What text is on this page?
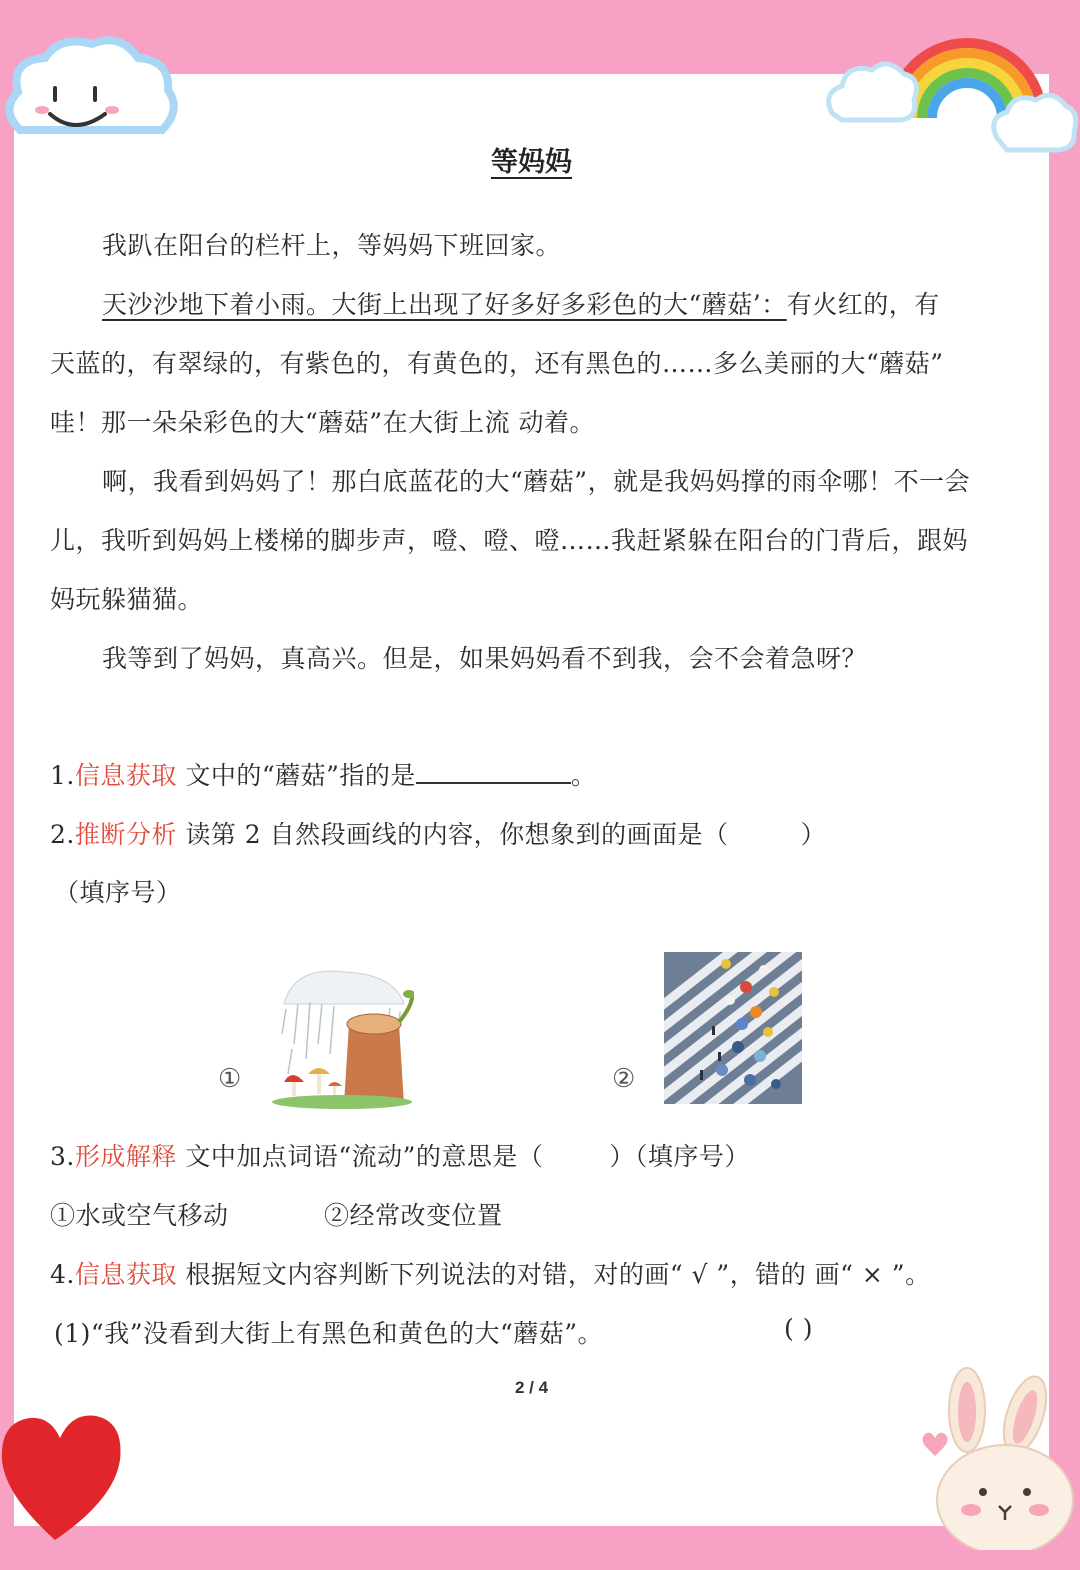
等妈妈
我趴在阳台的栏杆上，等妈妈下班回家。
天沙沙地下着小雨。大街上出现了好多好多彩色的大“蘑菇’：有火红的，有
天蓝的，有翠绿的，有紫色的，有黄色的，还有黑色的……多么美丽的大“蘑菇”
哇！那一朵朵彩色的大“蘑菇”在大街上流 动着。
啊，我看到妈妈了！那白底蓝花的大“蘑菇”，就是我妈妈撑的雨伞哪！不一会
儿，我听到妈妈上楼梯的脚步声，噔、噔、噔……我赶紧躲在阳台的门背后，跟妈
妈玩躲猫猫。
我等到了妈妈，真高兴。但是，如果妈妈看不到我，会不会着急呀？
1.信息获取 文中的“蘑菇”指的是	。
2.推断分析 读第 2 自然段画线的内容，你想象到的画面是（	）
（填序号）
①	②
3.形成解释 文中加点词语“流动”的意思是（	）（填序号）
①水或空气移动	②经常改变位置
4.信息获取 根据短文内容判断下列说法的对错，对的画“ √ ”，错的 画“ × ”。
(1)“我”没看到大街上有黑色和黄色的大“蘑菇”。	( )
2 / 4
